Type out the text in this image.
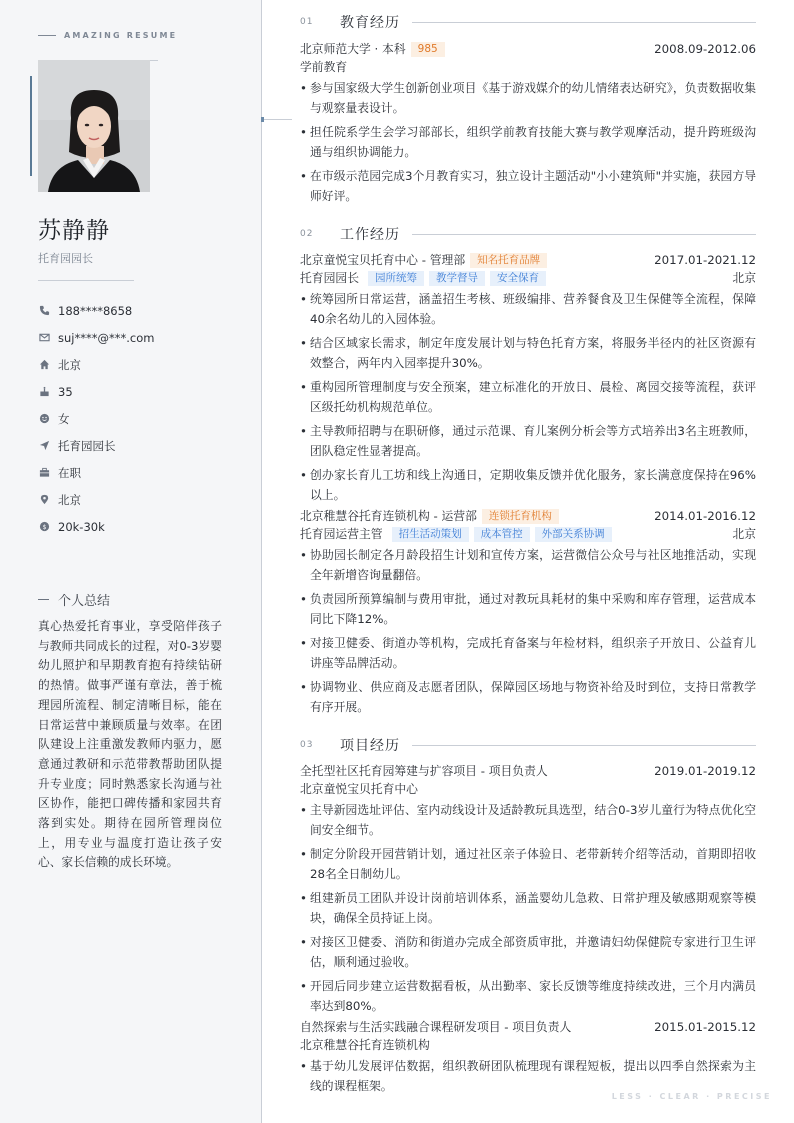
AMAZING RESUME
苏静静
托育园园长
188****8658
suj****@***.com
北京
35
女
托育园园长
在职
北京
$ 20k-30k
个人总结
真心热爱托育事业，享受陪伴孩子与教师共同成长的过程，对0-3岁婴幼儿照护和早期教育抱有持续钻研的热情。做事严谨有章法，善于梳理园所流程、制定清晰目标，能在日常运营中兼顾质量与效率。在团队建设上注重激发教师内驱力，愿意通过教研和示范带教帮助团队提升专业度；同时熟悉家长沟通与社区协作，能把口碑传播和家园共育落到实处。期待在园所管理岗位上，用专业与温度打造让孩子安心、家长信赖的成长环境。
01	教育经历
北京师范大学 · 本科	985	2008.09-2012.06
学前教育
• 参与国家级大学生创新创业项目《基于游戏媒介的幼儿情绪表达研究》，负责数据收集与观察量表设计。
• 担任院系学生会学习部部长，组织学前教育技能大赛与教学观摩活动，提升跨班级沟通与组织协调能力。
• 在市级示范园完成3个月教育实习，独立设计主题活动"小小建筑师"并实施，获园方导师好评。
02	工作经历
北京童悦宝贝托育中心 - 管理部	知名托育品牌	2017.01-2021.12
托育园园长	园所统筹	教学督导	安全保育	北京
• 统筹园所日常运营，涵盖招生考核、班级编排、营养餐食及卫生保健等全流程，保障40余名幼儿的入园体验。
• 结合区域家长需求，制定年度发展计划与特色托育方案，将服务半径内的社区资源有效整合，两年内入园率提升30%。
• 重构园所管理制度与安全预案，建立标准化的开放日、晨检、离园交接等流程，获评区级托幼机构规范单位。
• 主导教师招聘与在职研修，通过示范课、育儿案例分析会等方式培养出3名主班教师，团队稳定性显著提高。
• 创办家长育儿工坊和线上沟通日，定期收集反馈并优化服务，家长满意度保持在96%以上。
北京稚慧谷托育连锁机构 - 运营部	连锁托育机构	2014.01-2016.12
托育园运营主管	招生活动策划	成本管控	外部关系协调	北京
• 协助园长制定各月龄段招生计划和宣传方案，运营微信公众号与社区地推活动，实现全年新增咨询量翻倍。
• 负责园所预算编制与费用审批，通过对教玩具耗材的集中采购和库存管理，运营成本同比下降12%。
• 对接卫健委、街道办等机构，完成托育备案与年检材料，组织亲子开放日、公益育儿讲座等品牌活动。
• 协调物业、供应商及志愿者团队，保障园区场地与物资补给及时到位，支持日常教学有序开展。
03	项目经历
全托型社区托育园筹建与扩容项目 - 项目负责人	2019.01-2019.12
北京童悦宝贝托育中心
• 主导新园选址评估、室内动线设计及适龄教玩具选型，结合0-3岁儿童行为特点优化空间安全细节。
• 制定分阶段开园营销计划，通过社区亲子体验日、老带新转介绍等活动，首期即招收28名全日制幼儿。
• 组建新员工团队并设计岗前培训体系，涵盖婴幼儿急救、日常护理及敏感期观察等模块，确保全员持证上岗。
• 对接区卫健委、消防和街道办完成全部资质审批，并邀请妇幼保健院专家进行卫生评估，顺利通过验收。
• 开园后同步建立运营数据看板，从出勤率、家长反馈等维度持续改进，三个月内满员率达到80%。
自然探索与生活实践融合课程研发项目 - 项目负责人	2015.01-2015.12
北京稚慧谷托育连锁机构
• 基于幼儿发展评估数据，组织教研团队梳理现有课程短板，提出以四季自然探索为主线的课程框架。
LESS · CLEAR · PRECISE
